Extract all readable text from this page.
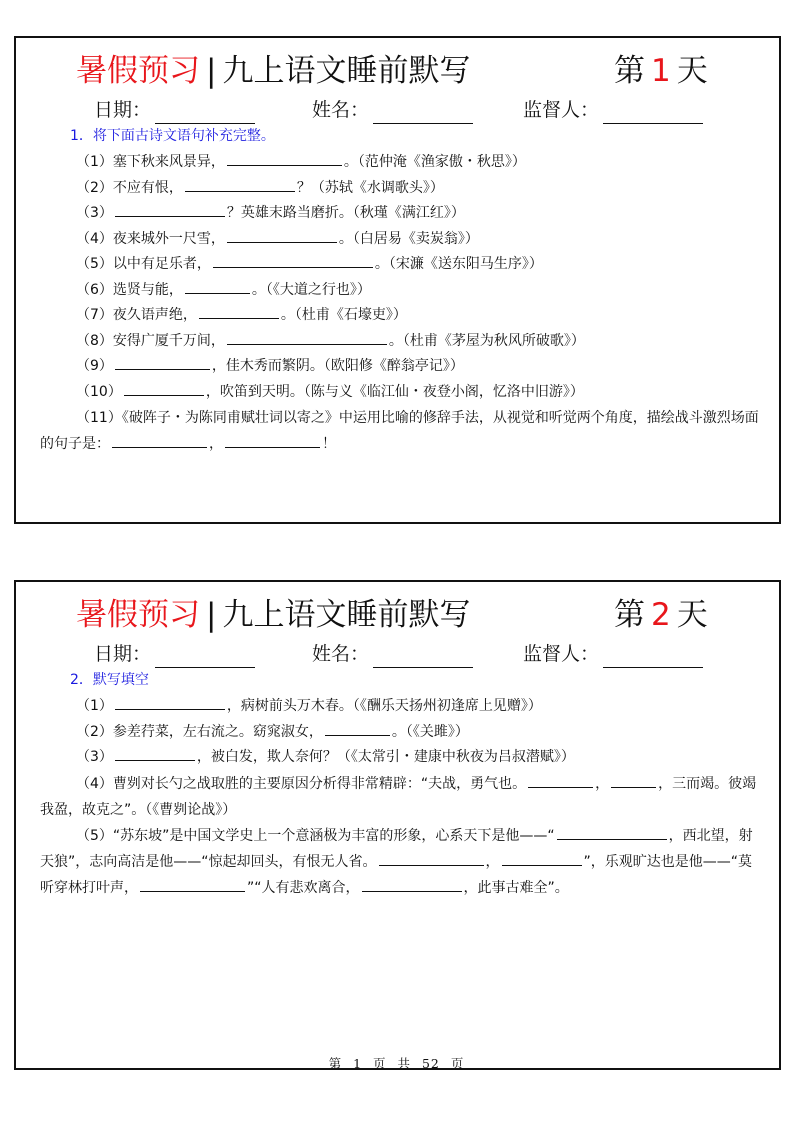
暑假预习 | 九上语文睡前默写	第 1 天
日期：	姓名：	监督人：
1．将下面古诗文语句补充完整。
（1）塞下秋来风景异，	。（范仲淹《渔家傲・秋思》）
（2）不应有恨，	？（苏轼《水调歌头》）
（3）	？英雄末路当磨折。（秋瑾《满江红》）
（4）夜来城外一尺雪，	。（白居易《卖炭翁》）
（5）以中有足乐者，	。（宋濂《送东阳马生序》）
（6）选贤与能，	。（《大道之行也》）
（7）夜久语声绝，	。（杜甫《石壕吏》）
（8）安得广厦千万间，	。（杜甫《茅屋为秋风所破歌》）
（9）	，佳木秀而繁阴。（欧阳修《醉翁亭记》）
（10）	，吹笛到天明。（陈与义《临江仙・夜登小阁，忆洛中旧游》）
（11）《破阵子・为陈同甫赋壮词以寄之》中运用比喻的修辞手法，从视觉和听觉两个角度，描绘战斗激烈场面的句子是：	，	！
暑假预习 | 九上语文睡前默写	第 2 天
日期：	姓名：	监督人：
2．默写填空
（1）	，病树前头万木春。（《酬乐天扬州初逢席上见赠》）
（2）参差荇菜，左右流之。窈窕淑女，	。（《关雎》）
（3）	，被白发，欺人奈何？（《太常引・建康中秋夜为吕叔潜赋》）
（4）曹刿对长勺之战取胜的主要原因分析得非常精辟：“夫战，勇气也。	，	，三而竭。彼竭我盈，故克之”。（《曹刿论战》）
（5）“苏东坡”是中国文学史上一个意涵极为丰富的形象，心系天下是他——“	，西北望，射天狼”，志向高洁是他——“惊起却回头，有恨无人省。	，	”，乐观旷达也是他——“莫听穿林打叶声，	”“人有悲欢离合，	，此事古难全”。
第 1 页 共 52 页
